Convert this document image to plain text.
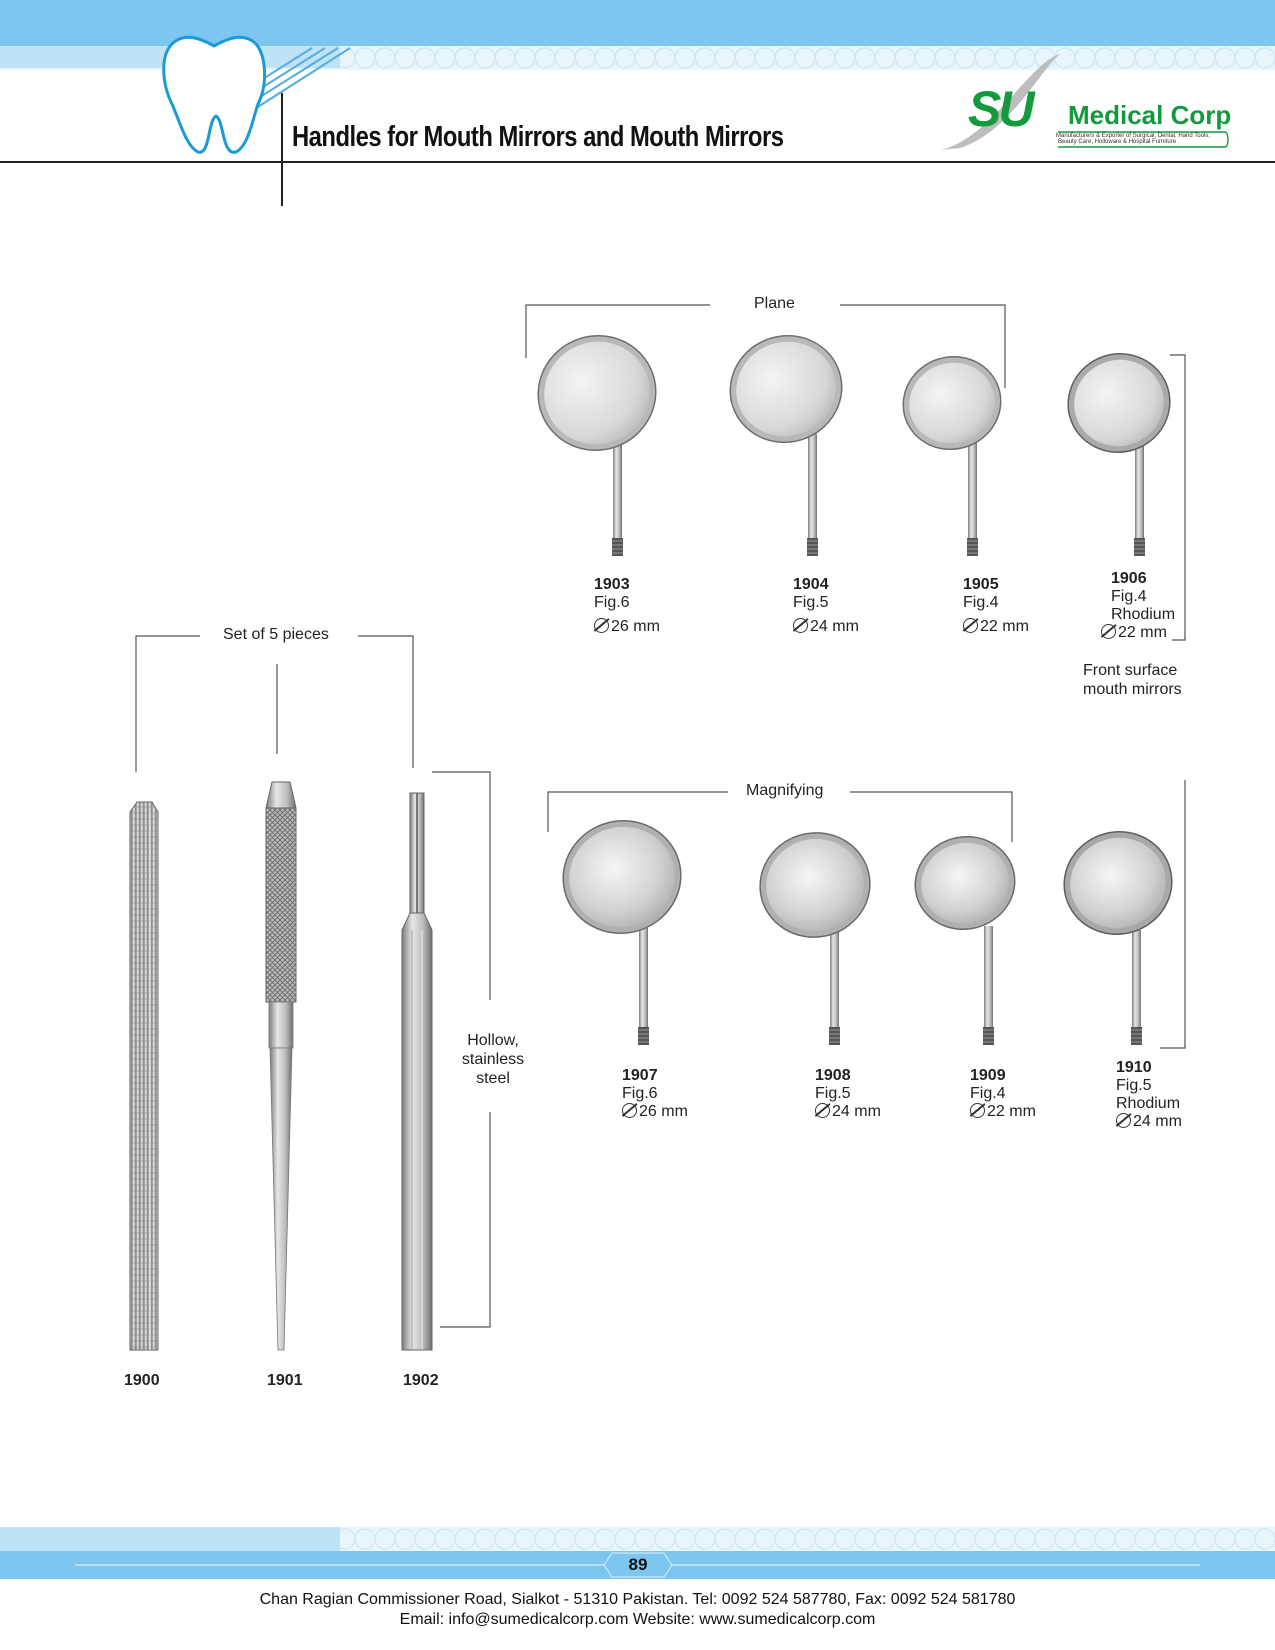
Handles for Mouth Mirrors and Mouth Mirrors	SU Medical Corp
Manufacturers & Exporter of Surgical, Dental, Hand Tools,
Beauty Care, Holloware & Hospital Furniture
Plane
1903
Fig.6
26 mm
1904
Fig.5
24 mm
1905
Fig.4
22 mm
1906
Fig.4
Rhodium
22 mm
Front surface
mouth mirrors
Magnifying
1907
Fig.6
26 mm
1908
Fig.5
24 mm
1909
Fig.4
22 mm
1910
Fig.5
Rhodium
24 mm
Set of 5 pieces
Hollow,
stainless
steel
1900	1901	1902
89
Chan Ragian Commissioner Road, Sialkot - 51310 Pakistan. Tel: 0092 524 587780, Fax: 0092 524 581780
Email: info@sumedicalcorp.com Website: www.sumedicalcorp.com
